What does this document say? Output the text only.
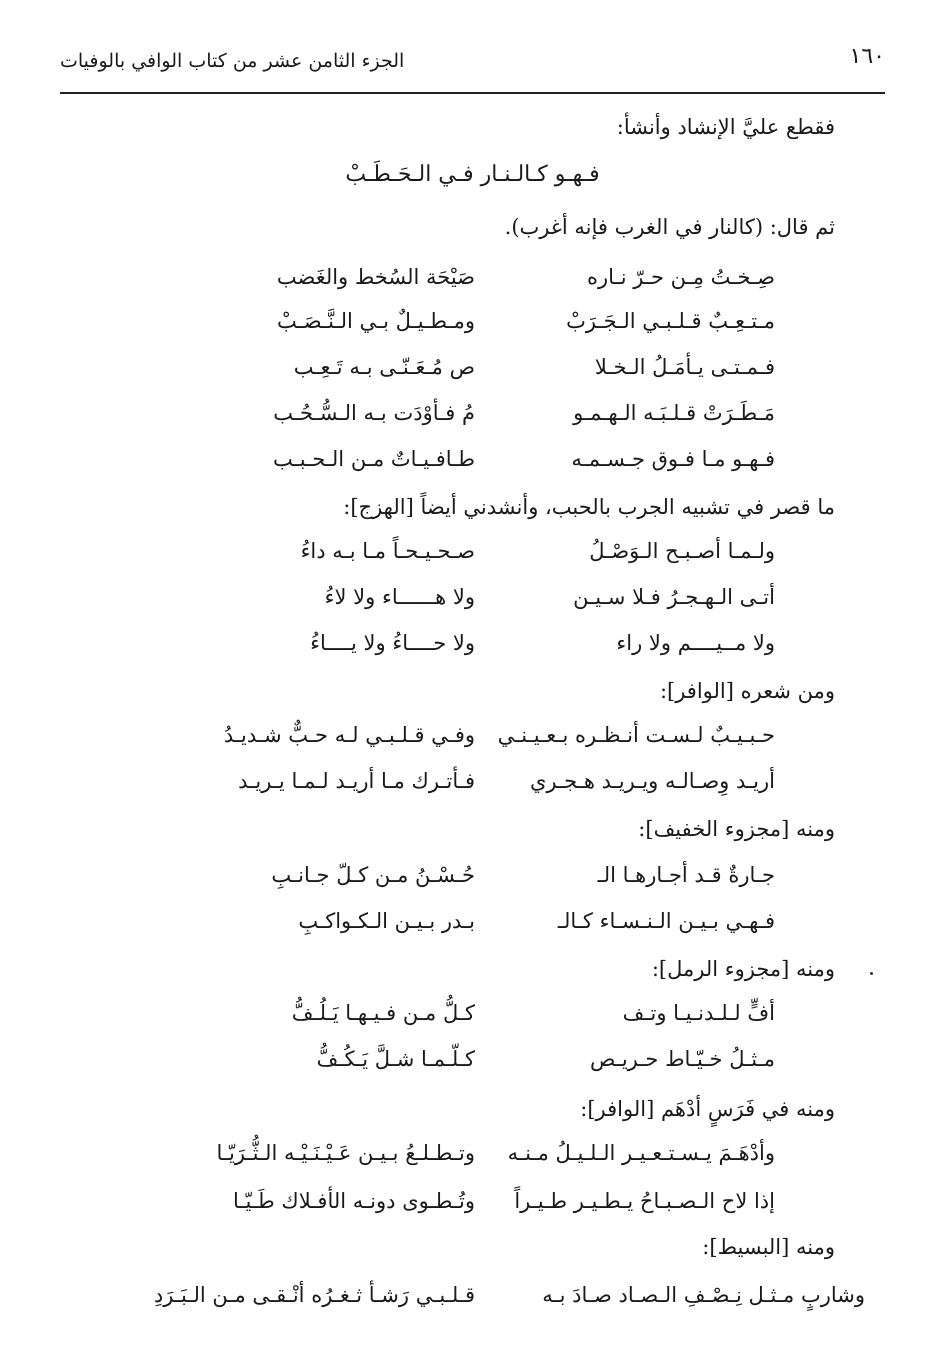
١٦٠
الجزء الثامن عشر من كتاب الوافي بالوفيات
فقطع عليَّ الإنشاد وأنشأ:
فـهـو كـالـنـار فـي الـحَـطَـبْ
ثم قال: (كالنار في الغرب فإنه أغرب).
صِـخـتُ مِـن حـرّ نـاره
صَيْحَة السُخط والغَضب
مـتـعِـبٌ قـلـبـي الـجَـرَبْ
ومـطـيـلٌ بـي الـنَّـصَـبْ
فـمـتـى يـأمَـلُ الـخـلا
ص مُـعَـنّـى بـه تَـعِـب
مَـطَـرَتْ قـلـبَـه الـهـمـو
مُ فـأوْدَت بـه الـسُّـحُـب
فـهـو مـا فـوق جـسـمـه
طـافـيـاتٌ مـن الـحـبـب
ما قصر في تشبيه الجرب بالحبب، وأنشدني أيضاً [الهزج]:
ولـمـا أصـبـح الـوَصْـلُ
صـحـيـحـاً مـا بـه داءُ
أتـى الـهـجـرُ فـلا سـيـن
ولا هــــــاء ولا لاءُ
ولا مــيــــم ولا راء
ولا حــــاءُ ولا يــــاءُ
ومن شعره [الوافر]:
حـبـيـبٌ لـسـت أنـظـره بـعـيـنـي
وفـي قـلـبـي لـه حـبٌّ شـديـدُ
أريـد وِصـالـه ويـريـد هـجـري
فـأتـرك مـا أريـد لـمـا يـريـد
ومنه [مجزوء الخفيف]:
جـارةٌ قـد أجـارهـا الـ
حُـسْـنُ مـن كـلّ جـانـبِ
فـهـي بـيـن الـنـسـاء كـالـ
بـدر بـيـن الـكـواكـبِ
ومنه [مجزوء الرمل]:
أفٍّ لـلـدنـيـا وتـف
كـلُّ مـن فـيـهـا يَـلُـفُّ
مـثـلُ خـيّـاط حـريـص
كـلّـمـا شـلَّ يَـكُـفُّ
ومنه في فَرَسٍ أدْهَم [الوافر]:
وأدْهَـمَ يـسـتـعـيـر الـلـيـلُ مـنـه
وتـطـلـعُ بـيـن عَـيْـنَـيْـه الـثُّـرَيّـا
إذا لاح الـصـبـاحُ يـطـيـر طـيـراً
وتُـطـوى دونـه الأفـلاك طَـيّـا
ومنه [البسيط]:
وشاربٍ مـثـل نِـصْـفِ الـصـاد صـادَ بـه
قـلـبـي رَشـأ ثـغـرُه أنْـقـى مـن الـبَـرَدِ
